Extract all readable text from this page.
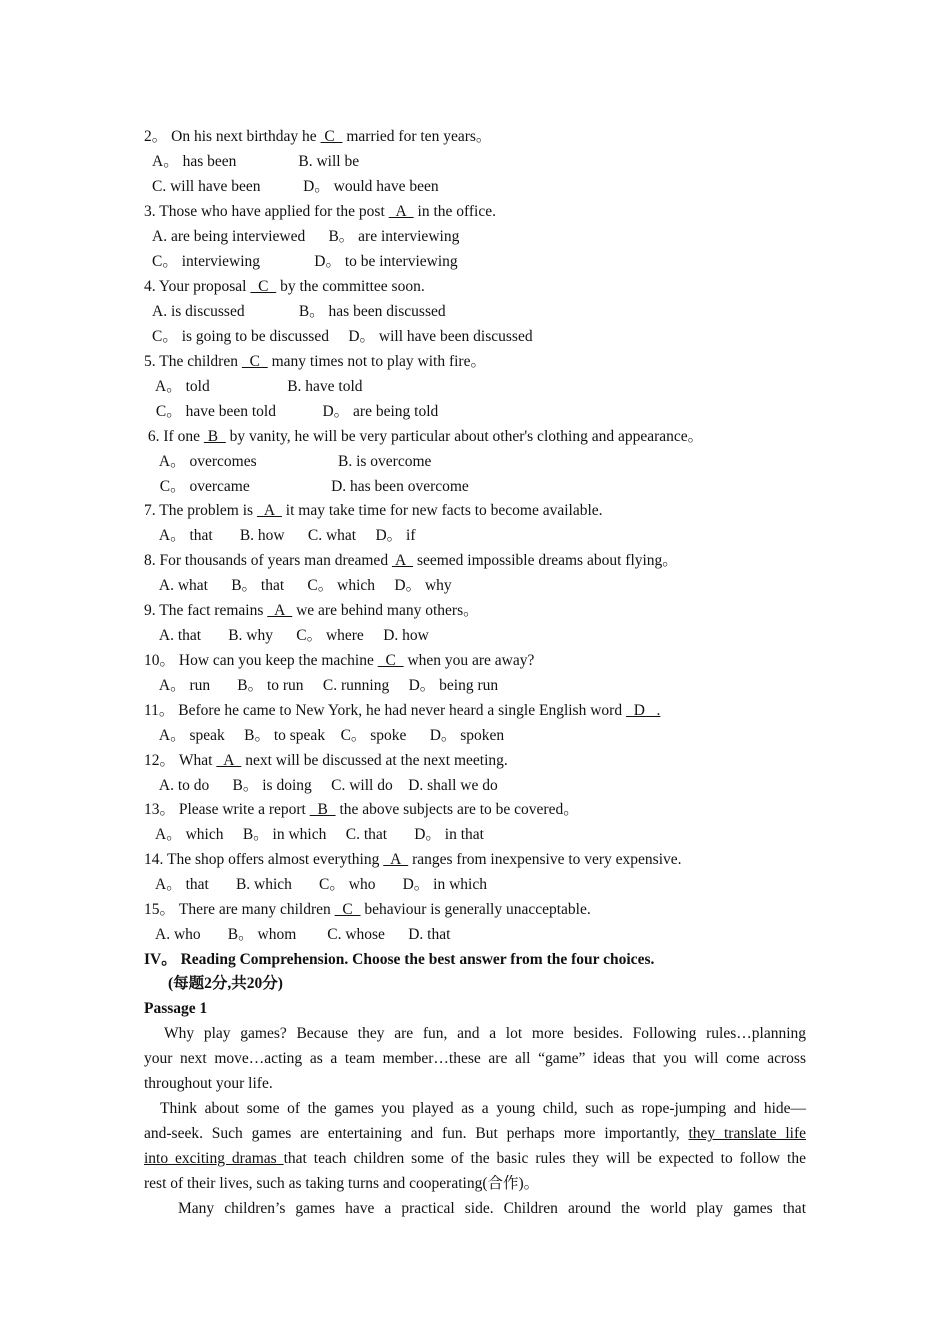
2。 On his next birthday he  C   married for ten years。
A。 has been                B. will be
C. will have been           D。 would have been
3. Those who have applied for the post   A   in the office.
A. are being interviewed      B。 are interviewing
C。 interviewing              D。 to be interviewing
4. Your proposal   C   by the committee soon.
A. is discussed              B。 has been discussed
C。 is going to be discussed     D。 will have been discussed
5. The children   C   many times not to play with fire。
A。 told                    B. have told
C。 have been told            D。 are being told
6. If one  B   by vanity, he will be very particular about other's clothing and appearance。
A。 overcomes                     B. is overcome
C。 overcame                     D. has been overcome
7. The problem is   A   it may take time for new facts to become available.
A。 that       B. how      C. what     D。 if
8. For thousands of years man dreamed  A   seemed impossible dreams about flying。
A. what      B。 that      C。 which     D。 why
9. The fact remains   A   we are behind many others。
A. that       B. why      C。 where     D. how
10。 How can you keep the machine   C   when you are away?
A。 run       B。 to run     C. running     D。 being run
11。 Before he came to New York, he had never heard a single English word   D   .
A。 speak     B。 to speak    C。 spoke      D。 spoken
12。 What   A   next will be discussed at the next meeting.
A. to do      B。 is doing     C. will do    D. shall we do
13。 Please write a report   B   the above subjects are to be covered。
A。 which     B。 in which     C. that       D。 in that
14. The shop offers almost everything   A   ranges from inexpensive to very expensive.
A。 that       B. which       C。 who       D。 in which
15。 There are many children   C   behaviour is generally unacceptable.
A. who       B。 whom        C. whose      D. that
IV。 Reading Comprehension. Choose the best answer from the four choices.
(每题2分,共20分)
Passage 1
Why play games? Because they are fun, and a lot more besides. Following rules…planning
your next move…acting as a team member…these are all “game” ideas that you will come across
throughout your life.
Think about some of the games you played as a young child, such as rope-jumping and hide—
and-seek. Such games are entertaining and fun. But perhaps more importantly, they translate life
into exciting dramas that teach children some of the basic rules they will be expected to follow the
rest of their lives, such as taking turns and cooperating(合作)。
Many children’s games have a practical side. Children around the world play games that
